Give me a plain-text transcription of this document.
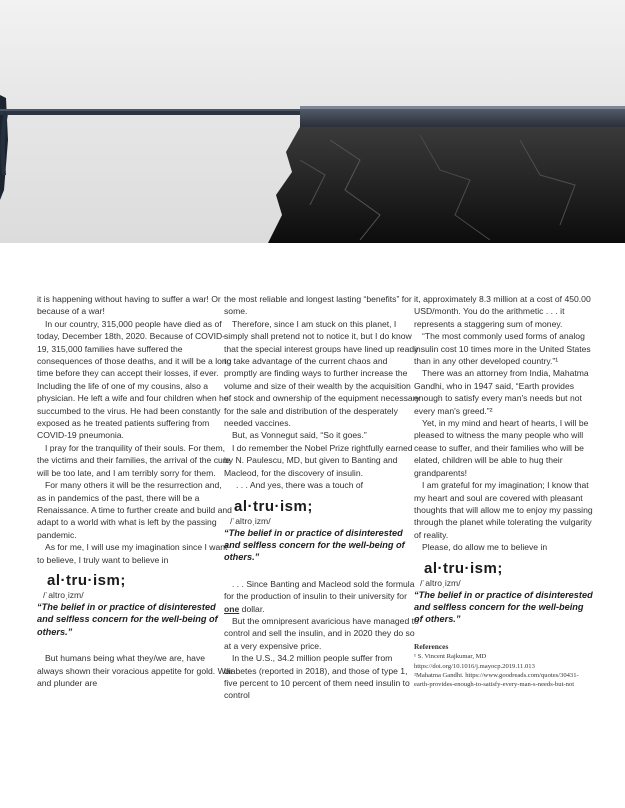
it is happening without having to suffer a war! Or because of a war!

In our country, 315,000 people have died as of today, December 18th, 2020. Because of COVID-19, 315,000 families have suffered the consequences of those deaths, and it will be a long time before they can accept their losses, if ever. Including the life of one of my cousins, also a physician. He left a wife and four children when he succumbed to the virus. He had been constantly exposed as he treated patients suffering from COVID-19 pneumonia.

I pray for the tranquility of their souls. For them, the victims and their families, the arrival of the cure will be too late, and I am terribly sorry for them.

For many others it will be the resurrection and, as in pandemics of the past, there will be a Renaissance. A time to further create and build and adapt to a world with what is left by the passing pandemic.

As for me, I will use my imagination since I want to believe, I truly want to believe in

al·tru·ism;
/ˈaltroˌizm/
“The belief in or practice of disinterested and selfless concern for the well-being of others.”

But humans being what they/we are, have always shown their voracious appetite for gold. War and plunder are

the most reliable and longest lasting “benefits” for some.

Therefore, since I am stuck on this planet, I simply shall pretend not to notice it, but I do know that the special interest groups have lined up ready to take advantage of the current chaos and promptly are finding ways to further increase the volume and size of their wealth by the acquisition of stock and ownership of the equipment necessary for the sale and distribution of the desperately needed vaccines.

But, as Vonnegut said, “So it goes.”

I do remember the Nobel Prize rightfully earned by N. Paulescu, MD, but given to Banting and Macleod, for the discovery of insulin.

. . . And yes, there was a touch of

al·tru·ism;
/ˈaltroˌizm/
“The belief in or practice of disinterested and selfless concern for the well-being of others.”

. . . Since Banting and Macleod sold the formula for the production of insulin to their university for one dollar.

But the omnipresent avaricious have managed to control and sell the insulin, and in 2020 they do so at a very expensive price.

In the U.S., 34.2 million people suffer from diabetes (reported in 2018), and those of type 1, five percent to 10 percent of them need insulin to control

it, approximately 8.3 million at a cost of 450.00 USD/month. You do the arithmetic . . . it represents a staggering sum of money.

“The most commonly used forms of analog insulin cost 10 times more in the United States than in any other developed country.”¹

There was an attorney from India, Mahatma Gandhi, who in 1947 said, “Earth provides enough to satisfy every man's needs but not every man's greed.”²

Yet, in my mind and heart of hearts, I will be pleased to witness the many people who will cease to suffer, and their families who will be elated, children will be able to hug their grandparents!

I am grateful for my imagination; I know that my heart and soul are covered with pleasant thoughts that will allow me to enjoy my passing through the planet while tolerating the vulgarity of reality.

Please, do allow me to believe in

al·tru·ism;
/ˈaltroˌizm/
“The belief in or practice of disinterested and selfless concern for the well-being of others.”
References
¹ S. Vincent Rajkumar, MD https://doi.org/10.1016/j.mayocp.2019.11.013
²Mahatma Gandhi. https://www.goodreads.com/quotes/30431-earth-provides-enough-to-satisfy-every-man-s-needs-but-not
